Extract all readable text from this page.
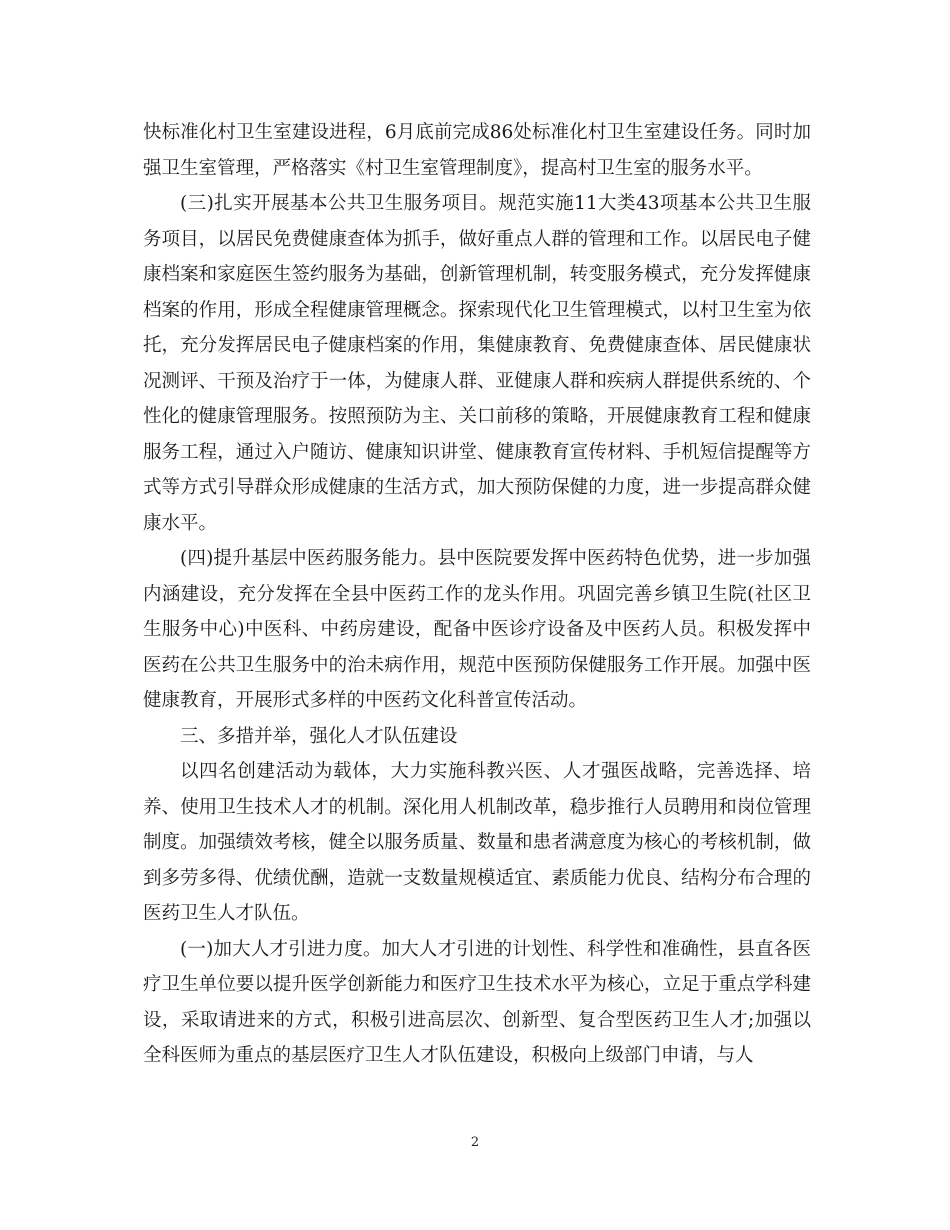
快标准化村卫生室建设进程，6月底前完成86处标准化村卫生室建设任务。同时加强卫生室管理，严格落实《村卫生室管理制度》，提高村卫生室的服务水平。

(三)扎实开展基本公共卫生服务项目。规范实施11大类43项基本公共卫生服务项目，以居民免费健康查体为抓手，做好重点人群的管理和工作。以居民电子健康档案和家庭医生签约服务为基础，创新管理机制，转变服务模式，充分发挥健康档案的作用，形成全程健康管理概念。探索现代化卫生管理模式，以村卫生室为依托，充分发挥居民电子健康档案的作用，集健康教育、免费健康查体、居民健康状况测评、干预及治疗于一体，为健康人群、亚健康人群和疾病人群提供系统的、个性化的健康管理服务。按照预防为主、关口前移的策略，开展健康教育工程和健康服务工程，通过入户随访、健康知识讲堂、健康教育宣传材料、手机短信提醒等方式等方式引导群众形成健康的生活方式，加大预防保健的力度，进一步提高群众健康水平。

(四)提升基层中医药服务能力。县中医院要发挥中医药特色优势，进一步加强内涵建设，充分发挥在全县中医药工作的龙头作用。巩固完善乡镇卫生院(社区卫生服务中心)中医科、中药房建设，配备中医诊疗设备及中医药人员。积极发挥中医药在公共卫生服务中的治未病作用，规范中医预防保健服务工作开展。加强中医健康教育，开展形式多样的中医药文化科普宣传活动。

三、多措并举，强化人才队伍建设

以四名创建活动为载体，大力实施科教兴医、人才强医战略，完善选择、培养、使用卫生技术人才的机制。深化用人机制改革，稳步推行人员聘用和岗位管理制度。加强绩效考核，健全以服务质量、数量和患者满意度为核心的考核机制，做到多劳多得、优绩优酬，造就一支数量规模适宜、素质能力优良、结构分布合理的医药卫生人才队伍。

(一)加大人才引进力度。加大人才引进的计划性、科学性和准确性，县直各医疗卫生单位要以提升医学创新能力和医疗卫生技术水平为核心，立足于重点学科建设，采取请进来的方式，积极引进高层次、创新型、复合型医药卫生人才;加强以全科医师为重点的基层医疗卫生人才队伍建设，积极向上级部门申请，与人

2
